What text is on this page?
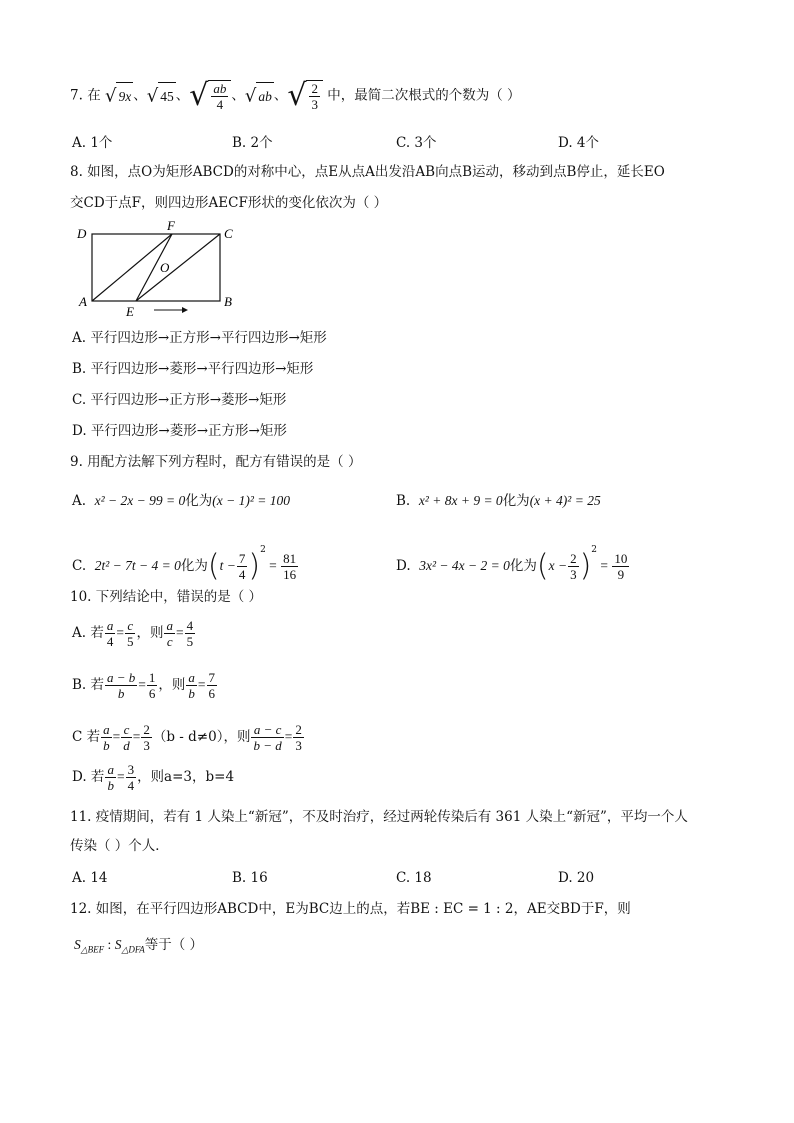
7. 在 √ 9x 、√ 45 、√ $\frac{ab}{4}$ 、√ ab 、√ $\frac{2}{3}$ 中，最简二次根式的个数为（ ）
A. 1个	B. 2个	C. 3个	D. 4个
8. 如图，点O为矩形ABCD的对称中心，点E从点A出发沿AB向点B运动，移动到点B停止，延长EO
交CD于点F，则四边形AECF形状的变化依次为（ ）
D
F
C
O
A
E
B
A. 平行四边形→正方形→平行四边形→矩形
B. 平行四边形→菱形→平行四边形→矩形
C. 平行四边形→正方形→菱形→矩形
D. 平行四边形→菱形→正方形→矩形
9. 用配方法解下列方程时，配方有错误的是（ ）
A. x² − 2x − 99 = 0化为(x − 1)² = 100	B. x² + 8x + 9 = 0化为(x + 4)² = 25
C. 2t² − 7t − 4 = 0化为$(t - \frac{7}{4} )^2 = \frac{81}{16}$	D. 3x² − 4x − 2 = 0化为$(x - \frac{2}{3} )^2 = \frac{10}{9}$
10. 下列结论中，错误的是（ ）
A. 若 $\frac{a}{4} = \frac{c}{5}$ ，则 $\frac{a}{c} = \frac{4}{5}$
B. 若 $\frac{a - b}{b} = \frac{1}{6}$ ，则 $\frac{a}{b} = \frac{7}{6}$
C 若 $\frac{a}{b} = \frac{c}{d} = \frac{2}{3} (b - d\ne 0)$，则 $\frac{a - c}{b - d} = \frac{2}{3}$
D. 若 $\frac{a}{b} = \frac{3}{4}$ ，则a=3，b=4
11. 疫情期间，若有 1 人染上“新冠”，不及时治疗，经过两轮传染后有 361 人染上“新冠”，平均一个人
传染（ ）个人．
A. 14	B. 16	C. 18	D. 20
12. 如图，在平行四边形ABCD中，E为BC边上的点，若BE : EC = 1 : 2，AE交BD于F，则
$S_{\triangle BEF}$ : $S_{\triangle DFA}$等于（ ）
